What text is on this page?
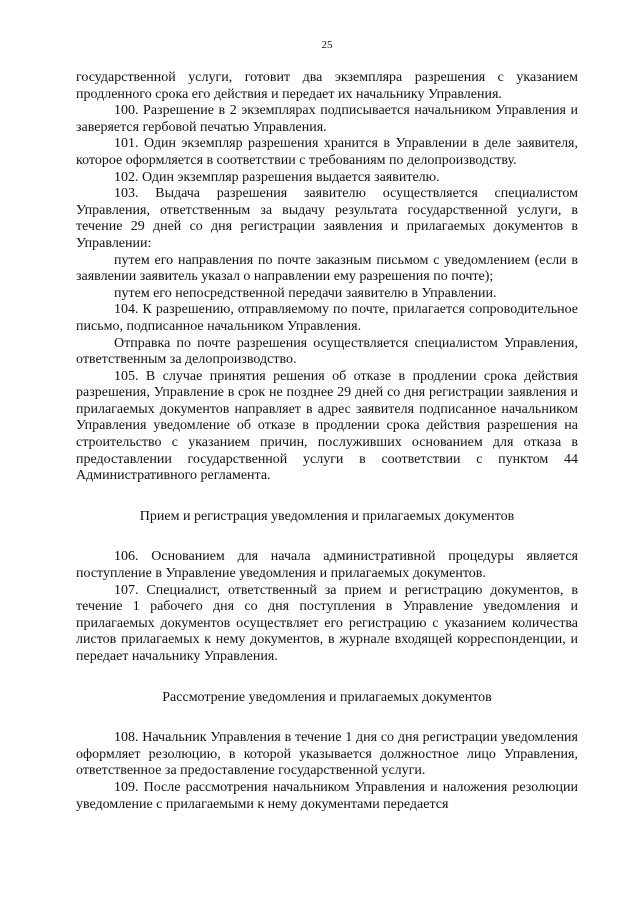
25

государственной услуги, готовит два экземпляра разрешения с указанием продленного срока его действия и передает их начальнику Управления.

100. Разрешение в 2 экземплярах подписывается начальником Управления и заверяется гербовой печатью Управления.

101. Один экземпляр разрешения хранится в Управлении в деле заявителя, которое оформляется в соответствии с требованиям по делопроизводству.

102. Один экземпляр разрешения выдается заявителю.

103. Выдача разрешения заявителю осуществляется специалистом Управления, ответственным за выдачу результата государственной услуги, в течение 29 дней со дня регистрации заявления и прилагаемых документов в Управлении:

путем его направления по почте заказным письмом с уведомлением (если в заявлении заявитель указал о направлении ему разрешения по почте);

путем его непосредственной передачи заявителю в Управлении.

104. К разрешению, отправляемому по почте, прилагается сопроводительное письмо, подписанное начальником Управления.

Отправка по почте разрешения осуществляется специалистом Управления, ответственным за делопроизводство.

105. В случае принятия решения об отказе в продлении срока действия разрешения, Управление в срок не позднее 29 дней со дня регистрации заявления и прилагаемых документов направляет в адрес заявителя подписанное начальником Управления уведомление об отказе в продлении срока действия разрешения на строительство с указанием причин, послуживших основанием для отказа в предоставлении государственной услуги в соответствии с пунктом 44 Административного регламента.

Прием и регистрация уведомления и прилагаемых документов

106. Основанием для начала административной процедуры является поступление в Управление уведомления и прилагаемых документов.

107. Специалист, ответственный за прием и регистрацию документов, в течение 1 рабочего дня со дня поступления в Управление уведомления и прилагаемых документов осуществляет его регистрацию с указанием количества листов прилагаемых к нему документов, в журнале входящей корреспонденции, и передает начальнику Управления.

Рассмотрение уведомления и прилагаемых документов

108. Начальник Управления в течение 1 дня со дня регистрации уведомления оформляет резолюцию, в которой указывается должностное лицо Управления, ответственное за предоставление государственной услуги.

109. После рассмотрения начальником Управления и наложения резолюции уведомление с прилагаемыми к нему документами передается
